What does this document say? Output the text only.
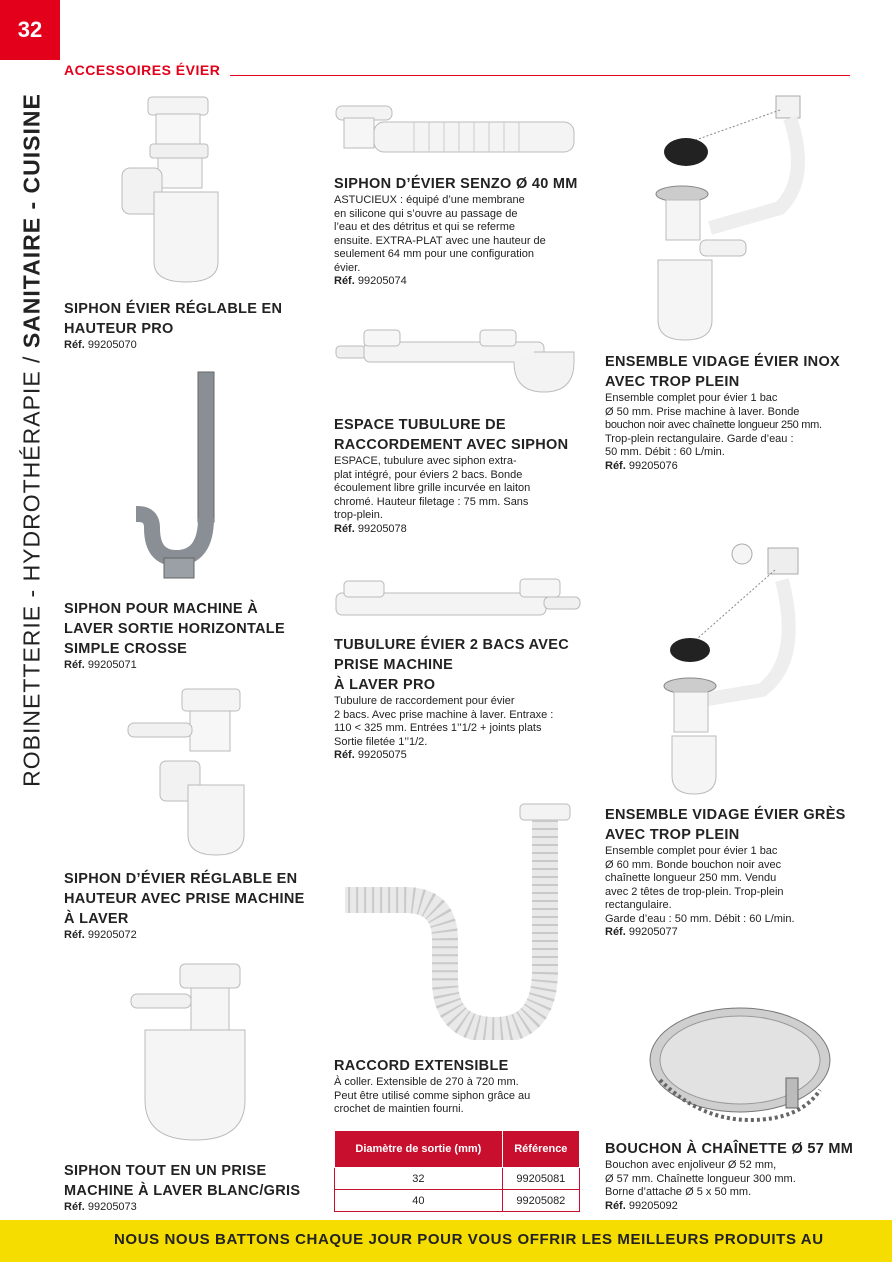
32
ROBINETTERIE - HYDROTHÉRAPIE / SANITAIRE - CUISINE
ACCESSOIRES ÉVIER
SIPHON ÉVIER RÉGLABLE EN
HAUTEUR PRO
Réf. 99205070
SIPHON POUR MACHINE À
LAVER SORTIE HORIZONTALE
SIMPLE CROSSE
Réf. 99205071
SIPHON D’ÉVIER RÉGLABLE EN
HAUTEUR AVEC PRISE MACHINE
À LAVER
Réf. 99205072
SIPHON TOUT EN UN PRISE
MACHINE À LAVER BLANC/GRIS
Réf. 99205073
SIPHON D’ÉVIER SENZO Ø 40 MM

ASTUCIEUX : équipé d’une membrane
en silicone qui s’ouvre au passage de
l’eau et des détritus et qui se referme
ensuite. EXTRA-PLAT avec une hauteur de
seulement 64 mm pour une configuration
évier.

Réf. 99205074
ESPACE TUBULURE DE
RACCORDEMENT AVEC SIPHON

ESPACE, tubulure avec siphon extra-
plat intégré, pour éviers 2 bacs. Bonde
écoulement libre grille incurvée en laiton
chromé. Hauteur filetage : 75 mm. Sans
trop-plein.

Réf. 99205078
TUBULURE ÉVIER 2 BACS AVEC
PRISE MACHINE
À LAVER PRO

Tubulure de raccordement pour évier
2 bacs. Avec prise machine à laver. Entraxe :
110 < 325 mm. Entrées 1’’1/2 + joints plats
Sortie filetée 1’’1/2.

Réf. 99205075
RACCORD EXTENSIBLE

À coller. Extensible de 270 à 720 mm.
Peut être utilisé comme siphon grâce au
crochet de maintien fourni.

Diamètre de sortie (mm)	Référence
32	99205081
40	99205082
ENSEMBLE VIDAGE ÉVIER INOX
AVEC TROP PLEIN

Ensemble complet pour évier 1 bac
Ø 50 mm. Prise machine à laver. Bonde
bouchon noir avec chaînette longueur 250 mm.
Trop-plein rectangulaire. Garde d’eau :
50 mm. Débit : 60 L/min.

Réf. 99205076
ENSEMBLE VIDAGE ÉVIER GRÈS
AVEC TROP PLEIN

Ensemble complet pour évier 1 bac
Ø 60 mm. Bonde bouchon noir avec
chaînette longueur 250 mm. Vendu
avec 2 têtes de trop-plein. Trop-plein
rectangulaire.
Garde d’eau : 50 mm. Débit : 60 L/min.

Réf. 99205077
BOUCHON À CHAÎNETTE Ø 57 MM

Bouchon avec enjoliveur Ø 52 mm,
Ø 57 mm. Chaînette longueur 300 mm.
Borne d’attache Ø 5 x 50 mm.

Réf. 99205092
NOUS NOUS BATTONS CHAQUE JOUR POUR VOUS OFFRIR LES MEILLEURS PRODUITS AU
